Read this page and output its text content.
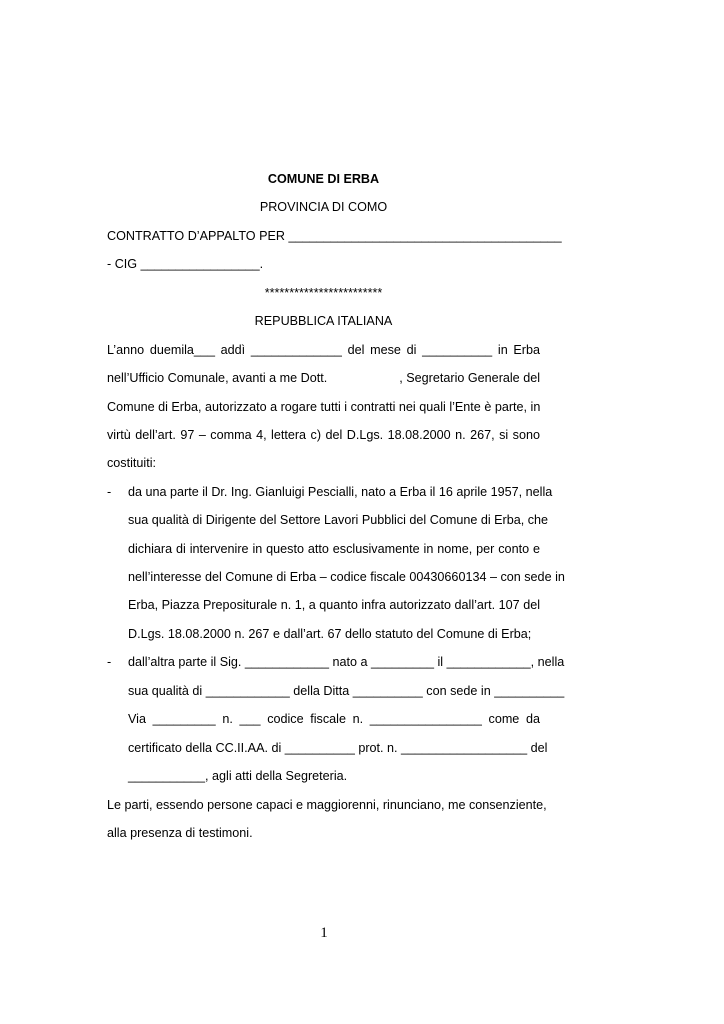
COMUNE DI ERBA
PROVINCIA DI COMO
CONTRATTO D’APPALTO PER _______________________________________
- CIG _________________.
************************
REPUBBLICA ITALIANA
L’anno duemila___ addì _____________ del mese di __________ in Erba
nell’Ufficio Comunale, avanti a me Dott.	, Segretario Generale del
Comune di Erba, autorizzato a rogare tutti i contratti nei quali l’Ente è parte, in
virtù dell’art. 97 – comma 4, lettera c) del D.Lgs. 18.08.2000 n. 267, si sono
costituiti:
- da una parte il Dr. Ing. Gianluigi Pescialli, nato a Erba il 16 aprile 1957, nella
sua qualità di Dirigente del Settore Lavori Pubblici del Comune di Erba, che
dichiara di intervenire in questo atto esclusivamente in nome, per conto e
nell’interesse del Comune di Erba – codice fiscale 00430660134 – con sede in
Erba, Piazza Prepositurale n. 1, a quanto infra autorizzato dall’art. 107 del
D.Lgs. 18.08.2000 n. 267 e dall’art. 67 dello statuto del Comune di Erba;
- dall’altra parte il Sig. ____________ nato a _________ il ____________, nella
sua qualità di ____________ della Ditta __________ con sede in __________
Via _________ n. ___ codice fiscale n. ________________ come da
certificato della CC.II.AA. di __________ prot. n. __________________ del
___________, agli atti della Segreteria.
Le parti, essendo persone capaci e maggiorenni, rinunciano, me consenziente,
alla presenza di testimoni.
1
